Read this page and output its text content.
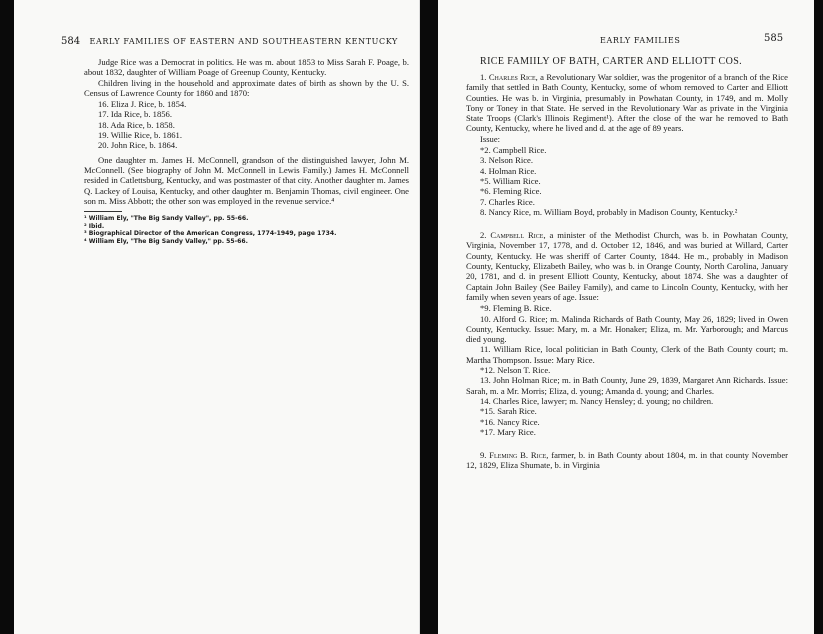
584 EARLY FAMILIES OF EASTERN AND SOUTHEASTERN KENTUCKY

Judge Rice was a Democrat in politics. He was m. about 1853 to Miss Sarah F. Poage, b. about 1832, daughter of William Poage of Greenup County, Kentucky.

Children living in the household and approximate dates of birth as shown by the U. S. Census of Lawrence County for 1860 and 1870:

16. Eliza J. Rice, b. 1854.
17. Ida Rice, b. 1856.
18. Ada Rice, b. 1858.
19. Willie Rice, b. 1861.
20. John Rice, b. 1864.

One daughter m. James H. McConnell, grandson of the distinguished lawyer, John M. McConnell. (See biography of John M. McConnell in Lewis Family.) James H. McConnell resided in Catlettsburg, Kentucky, and was postmaster of that city. Another daughter m. James Q. Lackey of Louisa, Kentucky, and other daughter m. Benjamin Thomas, civil engineer. One son m. Miss Abbott; the other son was employed in the revenue service.⁴

¹ William Ely, "The Big Sandy Valley", pp. 55-66.
² Ibid.
³ Biographical Director of the American Congress, 1774-1949, page 1734.
⁴ William Ely, "The Big Sandy Valley," pp. 55-66.
EARLY FAMILIES	585
RICE FAMIILY OF BATH, CARTER AND ELLIOTT COS.

1. Charles Rice, a Revolutionary War soldier, was the progenitor of a branch of the Rice family that settled in Bath County, Kentucky, some of whom removed to Carter and Elliott Counties. He was b. in Virginia, presumably in Powhatan County, in 1749, and m. Molly Tony or Toney in that State. He served in the Revolutionary War as private in the Virginia State Troops (Clark's Illinois Regiment¹). After the close of the war he removed to Bath County, Kentucky, where he lived and d. at the age of 89 years.

Issue:
*2. Campbell Rice.
3. Nelson Rice.
4. Holman Rice.
*5. William Rice.
*6. Fleming Rice.
7. Charles Rice.
8. Nancy Rice, m. William Boyd, probably in Madison County, Kentucky.²

2. Campbell Rice, a minister of the Methodist Church, was b. in Powhatan County, Virginia, November 17, 1778, and d. October 12, 1846, and was buried at Willard, Carter County, Kentucky. He was sheriff of Carter County, 1844. He m., probably in Madison County, Kentucky, Elizabeth Bailey, who was b. in Orange County, North Carolina, January 20, 1781, and d. in present Elliott County, Kentucky, about 1874. She was a daughter of Captain John Bailey (See Bailey Family), and came to Lincoln County, Kentucky, with her family when seven years of age. Issue:

*9. Fleming B. Rice.
10. Alford G. Rice; m. Malinda Richards of Bath County, May 26, 1829; lived in Owen County, Kentucky. Issue: Mary, m. a Mr. Honaker; Eliza, m. Mr. Yarborough; and Marcus died young.
11. William Rice, local politician in Bath County, Clerk of the Bath County court; m. Martha Thompson. Issue: Mary Rice.
*12. Nelson T. Rice.
13. John Holman Rice; m. in Bath County, June 29, 1839, Margaret Ann Richards. Issue: Sarah, m. a Mr. Morris; Eliza, d. young; Amanda d. young; and Charles.
14. Charles Rice, lawyer; m. Nancy Hensley; d. young; no children.
*15. Sarah Rice.
*16. Nancy Rice.
*17. Mary Rice.

9. Fleming B. Rice, farmer, b. in Bath County about 1804, m. in that county November 12, 1829, Eliza Shumate, b. in Virginia
